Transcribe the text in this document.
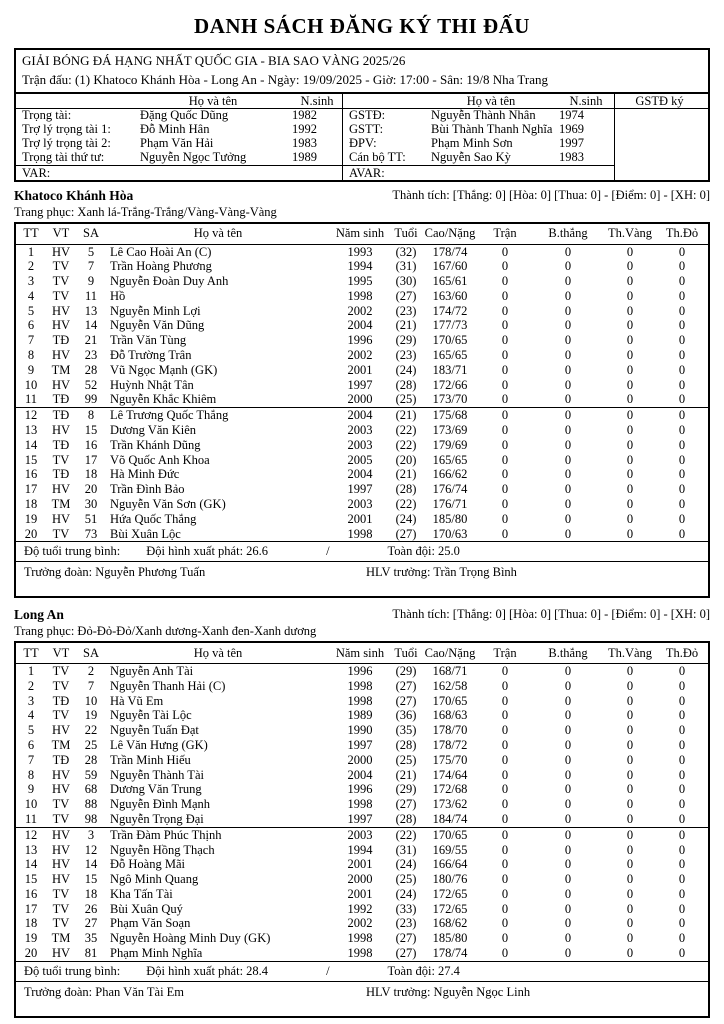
DANH SÁCH ĐĂNG KÝ THI ĐẤU
GIẢI BÓNG ĐÁ HẠNG NHẤT QUỐC GIA - BIA SAO VÀNG 2025/26
Trận đấu: (1) Khatoco Khánh Hòa - Long An - Ngày: 19/09/2025 - Giờ: 17:00 - Sân: 19/8 Nha Trang
Họ và tên	N.sinh	Họ và tên	N.sinh	GSTĐ ký
Trọng tài:	Đặng Quốc Dũng	1982
Trợ lý trọng tài 1:	Đỗ Minh Hân	1992
Trợ lý trọng tài 2:	Phạm Văn Hải	1983
Trọng tài thứ tư:	Nguyễn Ngọc Tưởng	1989
VAR:
GSTĐ:	Nguyễn Thành Nhân	1974
GSTT:	Bùi Thành Thanh Nghĩa 1969
ĐPV:	Phạm Minh Sơn	1997
Cán bộ TT:	Nguyễn Sao Kỳ	1983
AVAR:
Khatoco Khánh Hòa	Thành tích: [Thắng: 0] [Hòa: 0] [Thua: 0] - [Điểm: 0] - [XH: 0]
Trang phục: Xanh lá-Trắng-Trắng/Vàng-Vàng-Vàng
TT	VT	SA	Họ và tên	Năm sinh	Tuổi	Cao/Nặng	Trận	B.thắng	Th.Vàng	Th.Đỏ
1	HV	5	Lê Cao Hoài An (C)	1993	(32)	178/74	0	0	0	0
2	TV	7	Trần Hoàng Phương	1994	(31)	167/60	0	0	0	0
3	TV	9	Nguyễn Đoàn Duy Anh	1995	(30)	165/61	0	0	0	0
4	TV	11	Hồ	1998	(27)	163/60	0	0	0	0
5	HV	13	Nguyễn Minh Lợi	2002	(23)	174/72	0	0	0	0
6	HV	14	Nguyễn Văn Dũng	2004	(21)	177/73	0	0	0	0
7	TĐ	21	Trần Văn Tùng	1996	(29)	170/65	0	0	0	0
8	HV	23	Đỗ Trường Trân	2002	(23)	165/65	0	0	0	0
9	TM	28	Vũ Ngọc Mạnh (GK)	2001	(24)	183/71	0	0	0	0
10	HV	52	Huỳnh Nhật Tân	1997	(28)	172/66	0	0	0	0
11	TĐ	99	Nguyễn Khắc Khiêm	2000	(25)	173/70	0	0	0	0
12	TĐ	8	Lê Trương Quốc Thắng	2004	(21)	175/68	0	0	0	0
13	HV	15	Dương Văn Kiên	2003	(22)	173/69	0	0	0	0
14	TĐ	16	Trần Khánh Dũng	2003	(22)	179/69	0	0	0	0
15	TV	17	Võ Quốc Anh Khoa	2005	(20)	165/65	0	0	0	0
16	TĐ	18	Hà Minh Đức	2004	(21)	166/62	0	0	0	0
17	HV	20	Trần Đình Bảo	1997	(28)	176/74	0	0	0	0
18	TM	30	Nguyễn Văn Sơn (GK)	2003	(22)	176/71	0	0	0	0
19	HV	51	Hứa Quốc Thắng	2001	(24)	185/80	0	0	0	0
20	TV	73	Bùi Xuân Lộc	1998	(27)	170/63	0	0	0	0
Độ tuổi trung bình: Đội hình xuất phát: 26.6	/	Toàn đội: 25.0
Trưởng đoàn: Nguyễn Phương Tuấn	HLV trưởng: Trần Trọng Bình
Long An	Thành tích: [Thắng: 0] [Hòa: 0] [Thua: 0] - [Điểm: 0] - [XH: 0]
Trang phục: Đỏ-Đỏ-Đỏ/Xanh dương-Xanh đen-Xanh dương
TT	VT	SA	Họ và tên	Năm sinh	Tuổi	Cao/Nặng	Trận	B.thắng	Th.Vàng	Th.Đỏ
1	TV	2	Nguyễn Anh Tài	1996	(29)	168/71	0	0	0	0
2	TV	7	Nguyễn Thanh Hải (C)	1998	(27)	162/58	0	0	0	0
3	TĐ	10	Hà Vũ Em	1998	(27)	170/65	0	0	0	0
4	TV	19	Nguyễn Tài Lộc	1989	(36)	168/63	0	0	0	0
5	HV	22	Nguyễn Tuấn Đạt	1990	(35)	178/70	0	0	0	0
6	TM	25	Lê Văn Hưng (GK)	1997	(28)	178/72	0	0	0	0
7	TĐ	28	Trần Minh Hiếu	2000	(25)	175/70	0	0	0	0
8	HV	59	Nguyễn Thành Tài	2004	(21)	174/64	0	0	0	0
9	HV	68	Dương Văn Trung	1996	(29)	172/68	0	0	0	0
10	TV	88	Nguyễn Đình Mạnh	1998	(27)	173/62	0	0	0	0
11	TV	98	Nguyễn Trọng Đại	1997	(28)	184/74	0	0	0	0
12	HV	3	Trần Đàm Phúc Thịnh	2003	(22)	170/65	0	0	0	0
13	HV	12	Nguyễn Hồng Thạch	1994	(31)	169/55	0	0	0	0
14	HV	14	Đỗ Hoàng Mãi	2001	(24)	166/64	0	0	0	0
15	HV	15	Ngô Minh Quang	2000	(25)	180/76	0	0	0	0
16	TV	18	Kha Tấn Tài	2001	(24)	172/65	0	0	0	0
17	TV	26	Bùi Xuân Quý	1992	(33)	172/65	0	0	0	0
18	TV	27	Phạm Văn Soạn	2002	(23)	168/62	0	0	0	0
19	TM	35	Nguyễn Hoàng Minh Duy (GK)	1998	(27)	185/80	0	0	0	0
20	HV	81	Phạm Minh Nghĩa	1998	(27)	178/74	0	0	0	0
Độ tuổi trung bình: Đội hình xuất phát: 28.4	/	Toàn đội: 27.4
Trưởng đoàn: Phan Văn Tài Em	HLV trưởng: Nguyễn Ngọc Linh
